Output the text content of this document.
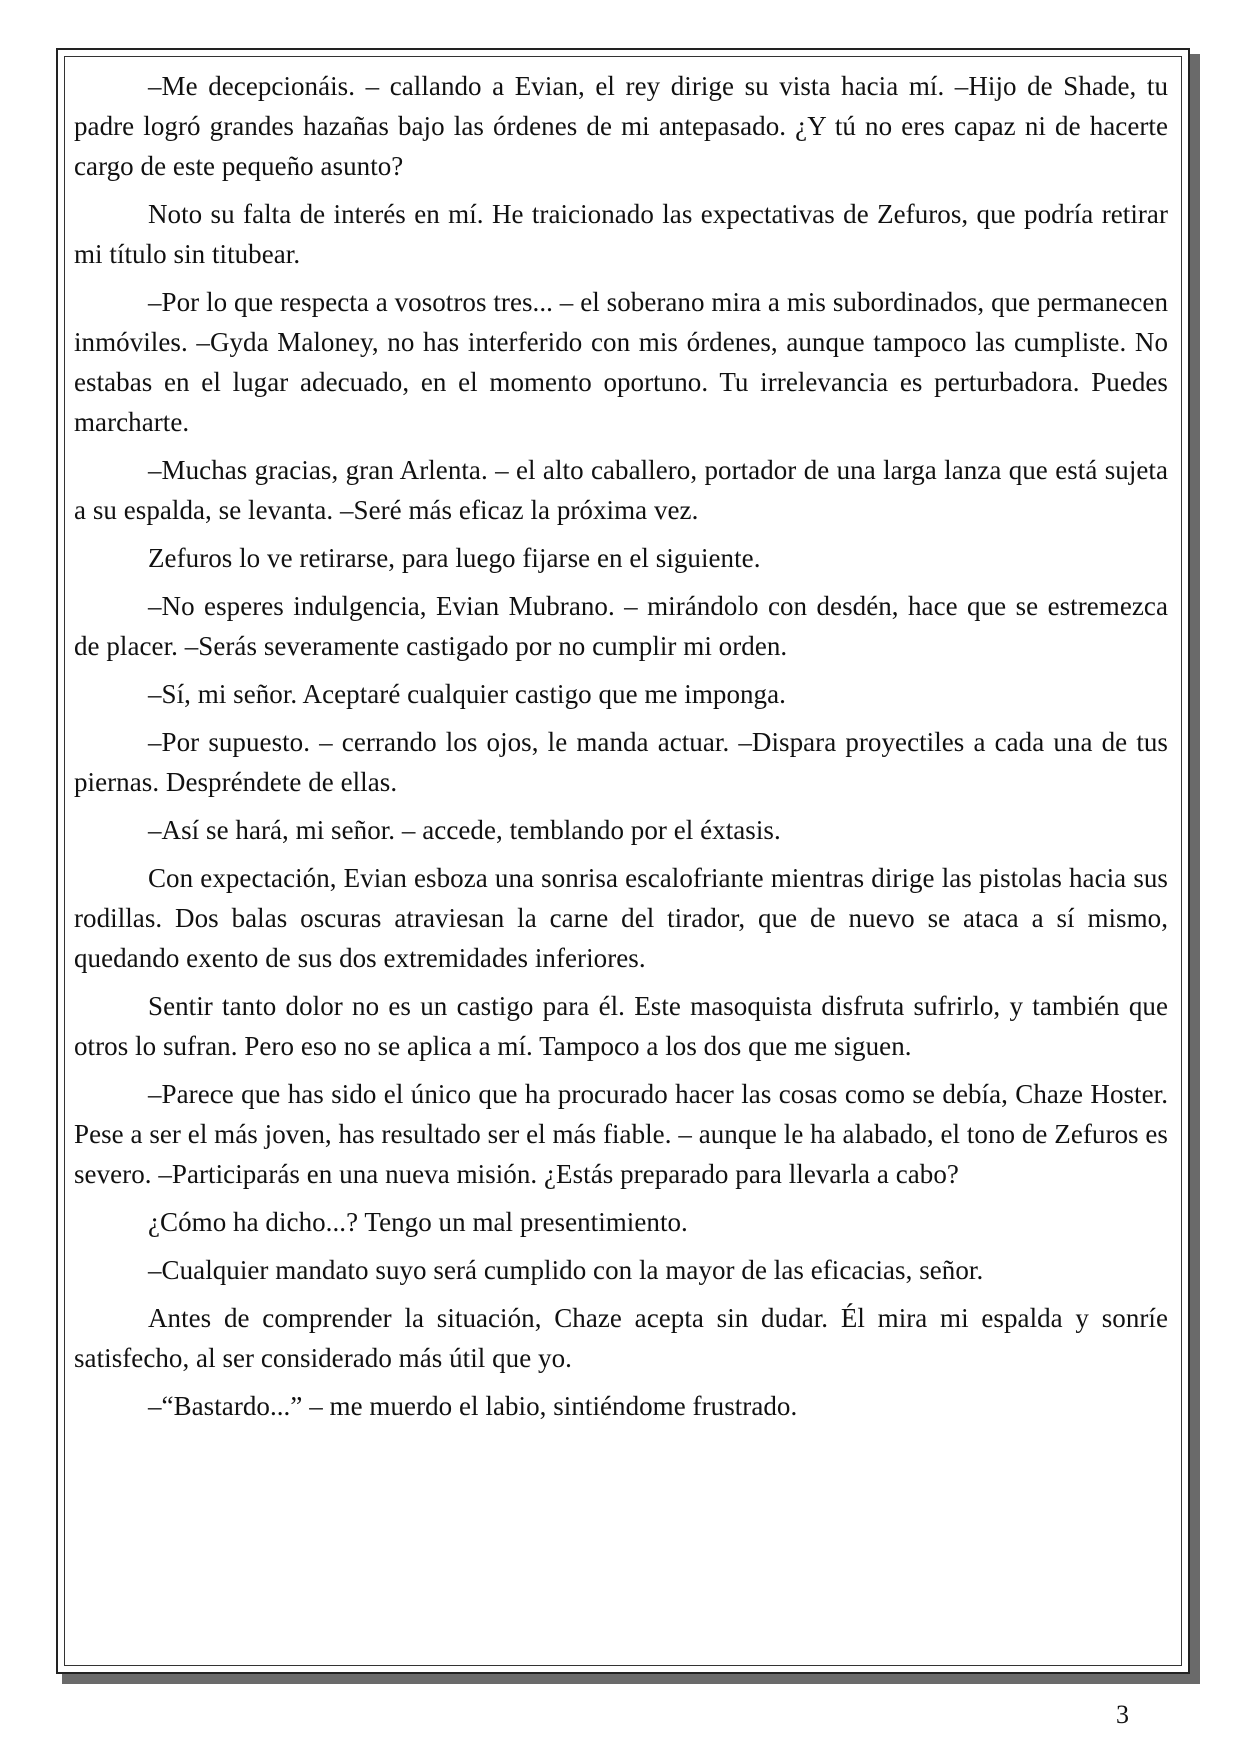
–Me decepcionáis. – callando a Evian, el rey dirige su vista hacia mí. –Hijo de Shade, tu padre logró grandes hazañas bajo las órdenes de mi antepasado. ¿Y tú no eres capaz ni de hacerte cargo de este pequeño asunto?

Noto su falta de interés en mí. He traicionado las expectativas de Zefuros, que podría retirar mi título sin titubear.

–Por lo que respecta a vosotros tres... – el soberano mira a mis subordinados, que permanecen inmóviles. –Gyda Maloney, no has interferido con mis órdenes, aunque tampoco las cumpliste. No estabas en el lugar adecuado, en el momento oportuno. Tu irrelevancia es perturbadora. Puedes marcharte.

–Muchas gracias, gran Arlenta. – el alto caballero, portador de una larga lanza que está sujeta a su espalda, se levanta. –Seré más eficaz la próxima vez.

Zefuros lo ve retirarse, para luego fijarse en el siguiente.

–No esperes indulgencia, Evian Mubrano. – mirándolo con desdén, hace que se estremezca de placer. –Serás severamente castigado por no cumplir mi orden.

–Sí, mi señor. Aceptaré cualquier castigo que me imponga.

–Por supuesto. – cerrando los ojos, le manda actuar. –Dispara proyectiles a cada una de tus piernas. Despréndete de ellas.

–Así se hará, mi señor. – accede, temblando por el éxtasis.

Con expectación, Evian esboza una sonrisa escalofriante mientras dirige las pistolas hacia sus rodillas. Dos balas oscuras atraviesan la carne del tirador, que de nuevo se ataca a sí mismo, quedando exento de sus dos extremidades inferiores.

Sentir tanto dolor no es un castigo para él. Este masoquista disfruta sufrirlo, y también que otros lo sufran. Pero eso no se aplica a mí. Tampoco a los dos que me siguen.

–Parece que has sido el único que ha procurado hacer las cosas como se debía, Chaze Hoster. Pese a ser el más joven, has resultado ser el más fiable. – aunque le ha alabado, el tono de Zefuros es severo. –Participarás en una nueva misión. ¿Estás preparado para llevarla a cabo?

¿Cómo ha dicho...? Tengo un mal presentimiento.

–Cualquier mandato suyo será cumplido con la mayor de las eficacias, señor.

Antes de comprender la situación, Chaze acepta sin dudar. Él mira mi espalda y sonríe satisfecho, al ser considerado más útil que yo.

–“Bastardo...” – me muerdo el labio, sintiéndome frustrado.

3
